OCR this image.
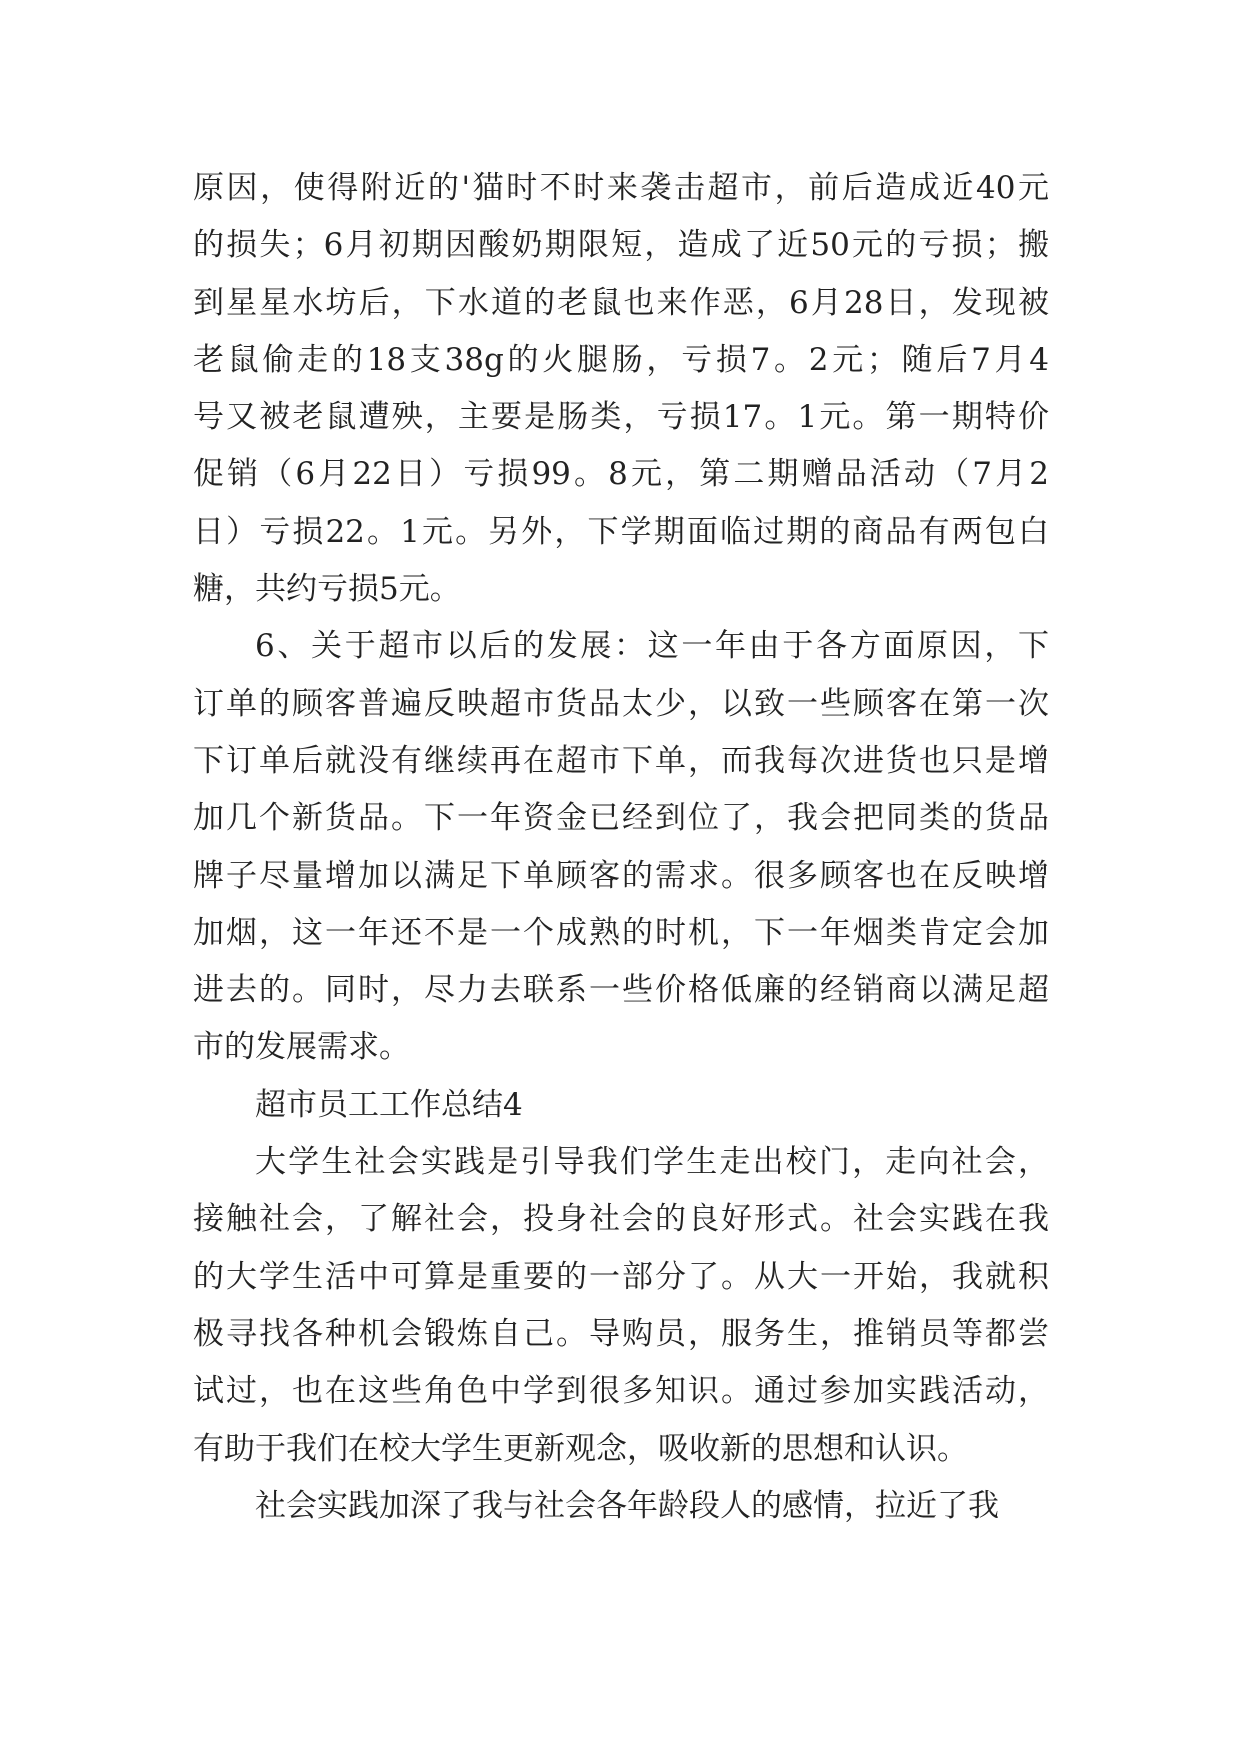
原因，使得附近的'猫时不时来袭击超市，前后造成近40元
的损失；6月初期因酸奶期限短，造成了近50元的亏损；搬
到星星水坊后，下水道的老鼠也来作恶，6月28日，发现被
老鼠偷走的18支38g的火腿肠，亏损7。2元；随后7月4
号又被老鼠遭殃，主要是肠类，亏损17。1元。第一期特价
促销（6月22日）亏损99。8元，第二期赠品活动（7月2
日）亏损22。1元。另外，下学期面临过期的商品有两包白
糖，共约亏损5元。
6、关于超市以后的发展：这一年由于各方面原因，下
订单的顾客普遍反映超市货品太少，以致一些顾客在第一次
下订单后就没有继续再在超市下单，而我每次进货也只是增
加几个新货品。下一年资金已经到位了，我会把同类的货品
牌子尽量增加以满足下单顾客的需求。很多顾客也在反映增
加烟，这一年还不是一个成熟的时机，下一年烟类肯定会加
进去的。同时，尽力去联系一些价格低廉的经销商以满足超
市的发展需求。
超市员工工作总结4
大学生社会实践是引导我们学生走出校门，走向社会，
接触社会，了解社会，投身社会的良好形式。社会实践在我
的大学生活中可算是重要的一部分了。从大一开始，我就积
极寻找各种机会锻炼自己。导购员，服务生，推销员等都尝
试过，也在这些角色中学到很多知识。通过参加实践活动，
有助于我们在校大学生更新观念，吸收新的思想和认识。
社会实践加深了我与社会各年龄段人的感情，拉近了我
